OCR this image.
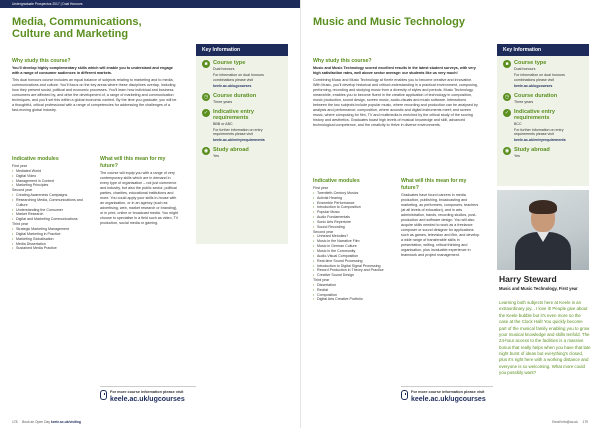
Undergraduate Prospectus 2017 | Dual Honours
Media, Communications, Culture and Marketing
Why study this course?

You'll develop highly complementary skills which will enable you to understand and engage with a range of consumer audiences in different markets.

This dual honours course includes an equal balance of subjects relating to marketing and to media, communications and culture. You'll focus on the key areas where these disciplines overlap, including how they present social, political and economic processes. You'll learn how individual and business consumers are affected by, and drive the development of, a range of marketing and communication techniques, and you'll set this within a global economic context. By the time you graduate, you will be a thoughtful, critical professional with a range of competencies for addressing the challenges of a fast-moving global industry.

Indicative modules
First year
• Mediated World
• Digital Video
• Management in Context
• Marketing Principles
Second year
• Creating Awareness Campaigns
• Researching Media, Communications and Culture
• Understanding the Consumer
• Market Research
• Digital and Marketing Communications
Third year
• Strategic Marketing Management
• Digital Marketing in Practice
• Marketing Globalisation
• Media Dissertation
• Sustained Media Practice
What will this mean for my future?

The course will equip you with a range of very contemporary skills which are in demand in every type of organisation – not just commerce and industry, but also the public sector, political parties, charities, educational institutions and more. You could apply your skills in-house with an organisation, or in an agency (such as advertising, web, market research or branding), or in print, online or broadcast media. You might choose to specialise in a field such as video, TV production, social media or gaming.

Key Information
■ Course type

Dual honours

For information on dual honours combinations please visit

keele.ac.uk/ugcourses

◷ Course duration

Three years

✓ Indicative entry requirements

BBB or ABC

For further information on entry requirements please visit

keele.ac.uk/entryrequirements

◉ Study abroad

Yes

For more course information please visit
keele.ac.uk/ugcourses
178 Book an Open Day keele.ac.uk/visiting
Music and Music Technology
Why study this course?

Music and Music Technology scored excellent results in the latest student surveys, with very high satisfaction rates, well above sector average: our students like us very much!

Combining Music and Music Technology at Keele enables you to become creative and innovative. With Music, you'll develop historical and critical understanding in a practical environment, composing, performing, recording and studying music from a diversity of styles and periods. Music Technology, meanwhile, enables you to become fluent in the creative application of technology in composition, music production, sound design, screen music, audio-visuals and music software. Interactions between the two subjects include popular music, where recording and production can be analysed by analysis and performance; composition, where acoustic and digital instruments meet; and screen music, where composing for film, TV and multimedia is enriched by the critical study of the scoring history and aesthetics. Graduates boast high levels of musical knowledge and skill, advanced technological competence, and the creativity to thrive in diverse environments.

Indicative modules
First year
• Twentieth-Century Musics
• Activist Hearing
• Ensemble Performance
• Introduction to Composition
• Popular Music
• Audio Fundamentals
• Sonic Arts Repertoire
• Sound Recording
Second year
• Unheard Melodies?
• Music in the Narrative Film
• Music in German Culture
• Music in the Community
• Audio-Visual Composition
• Real-time Sound Processing
• Introduction to Digital Signal Processing
• Record Production in Theory and Practice
• Creative Sound Design
Third year
• Dissertation
• Recital
• Composition
• Digital Arts Creative Portfolio
What will this mean for my future?

Graduates have found careers in media production, publishing, broadcasting and marketing, as performers, composers, teachers (at all levels of education), and in arts administration, bands, recording studios, post-production and software design. You will also acquire skills needed to work as a freelance composer or sound designer for applications such as games, television and film, and develop a wide range of transferable skills in presentation, writing, critical thinking and organisation, plus invaluable experience in teamwork and project management.

Key Information
■ Course type

Dual honours

For information on dual honours combinations please visit

keele.ac.uk/ugcourses

◷ Course duration

Three years

✓ Indicative entry requirements

BCC

For further information on entry requirements please visit

keele.ac.uk/entryrequirements

◉ Study abroad

Yes

Harry Steward
Music and Music Technology, First year
Learning both subjects here at Keele is an extraordinary joy... I love it! People give about the Keele bubble but it's even more so the case at the Clock Hall! You quickly become part of the musical family enabling you to grow your musical knowledge and skills tenfold. The 24-hour access to the facilities is a massive bonus that really helps when you have that late night burst of ideas but everything's closed, plus it's right here with a working distance and everyone is so welcoming. What more could you possibly want?
For more course information please visit
keele.ac.uk/ugcourses
Email info@ac.uk 179
